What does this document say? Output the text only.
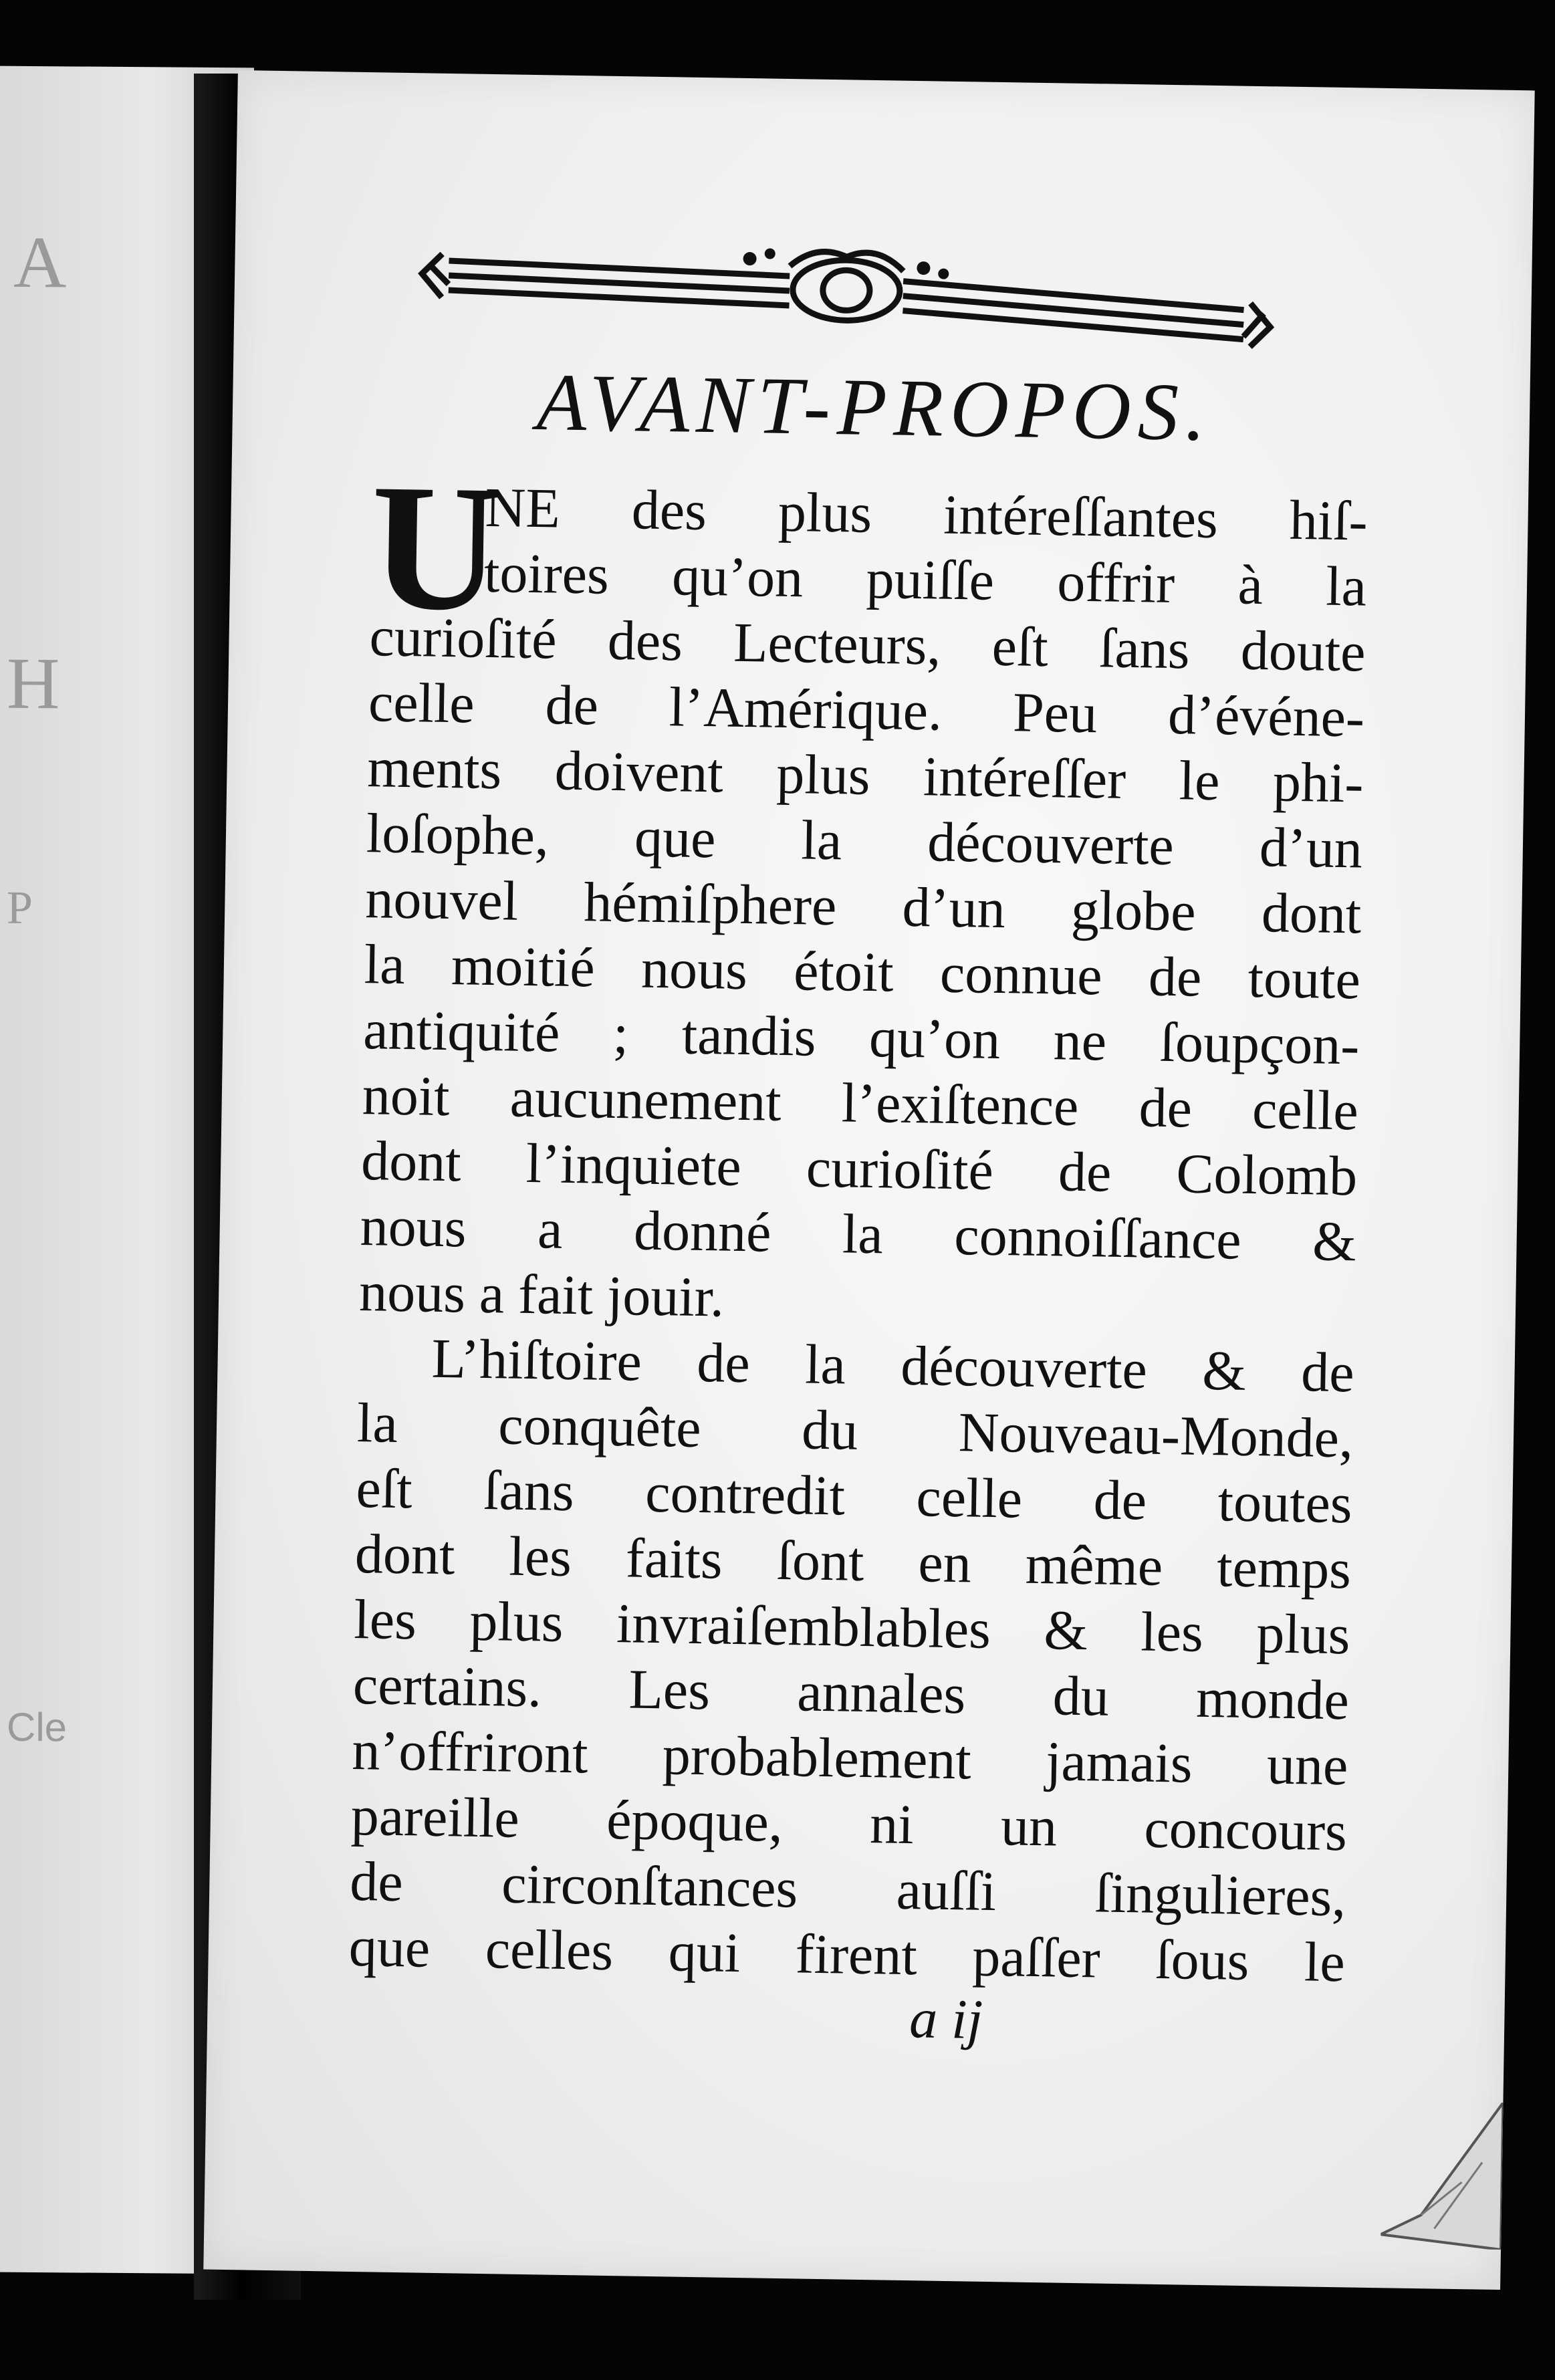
A
H
P
Cle
AVANT-PROPOS.
U
NE des plus intéreſſantes hiſ-
toires qu’on puiſſe offrir à la
curioſité des Lecteurs, eſt ſans doute
celle de l’Amérique. Peu d’événe-
ments doivent plus intéreſſer le phi-
loſophe, que la découverte d’un
nouvel hémiſphere d’un globe dont
la moitié nous étoit connue de toute
antiquité ; tandis qu’on ne ſoupçon-
noit aucunement l’exiſtence de celle
dont l’inquiete curioſité de Colomb
nous a donné la connoiſſance &
nous a fait jouir.
L’hiſtoire de la découverte & de
la conquête du Nouveau-Monde,
eſt ſans contredit celle de toutes
dont les faits ſont en même temps
les plus invraiſemblables & les plus
certains. Les annales du monde
n’offriront probablement jamais une
pareille époque, ni un concours
de circonſtances auſſi ſingulieres,
que celles qui firent paſſer ſous le
a ij
